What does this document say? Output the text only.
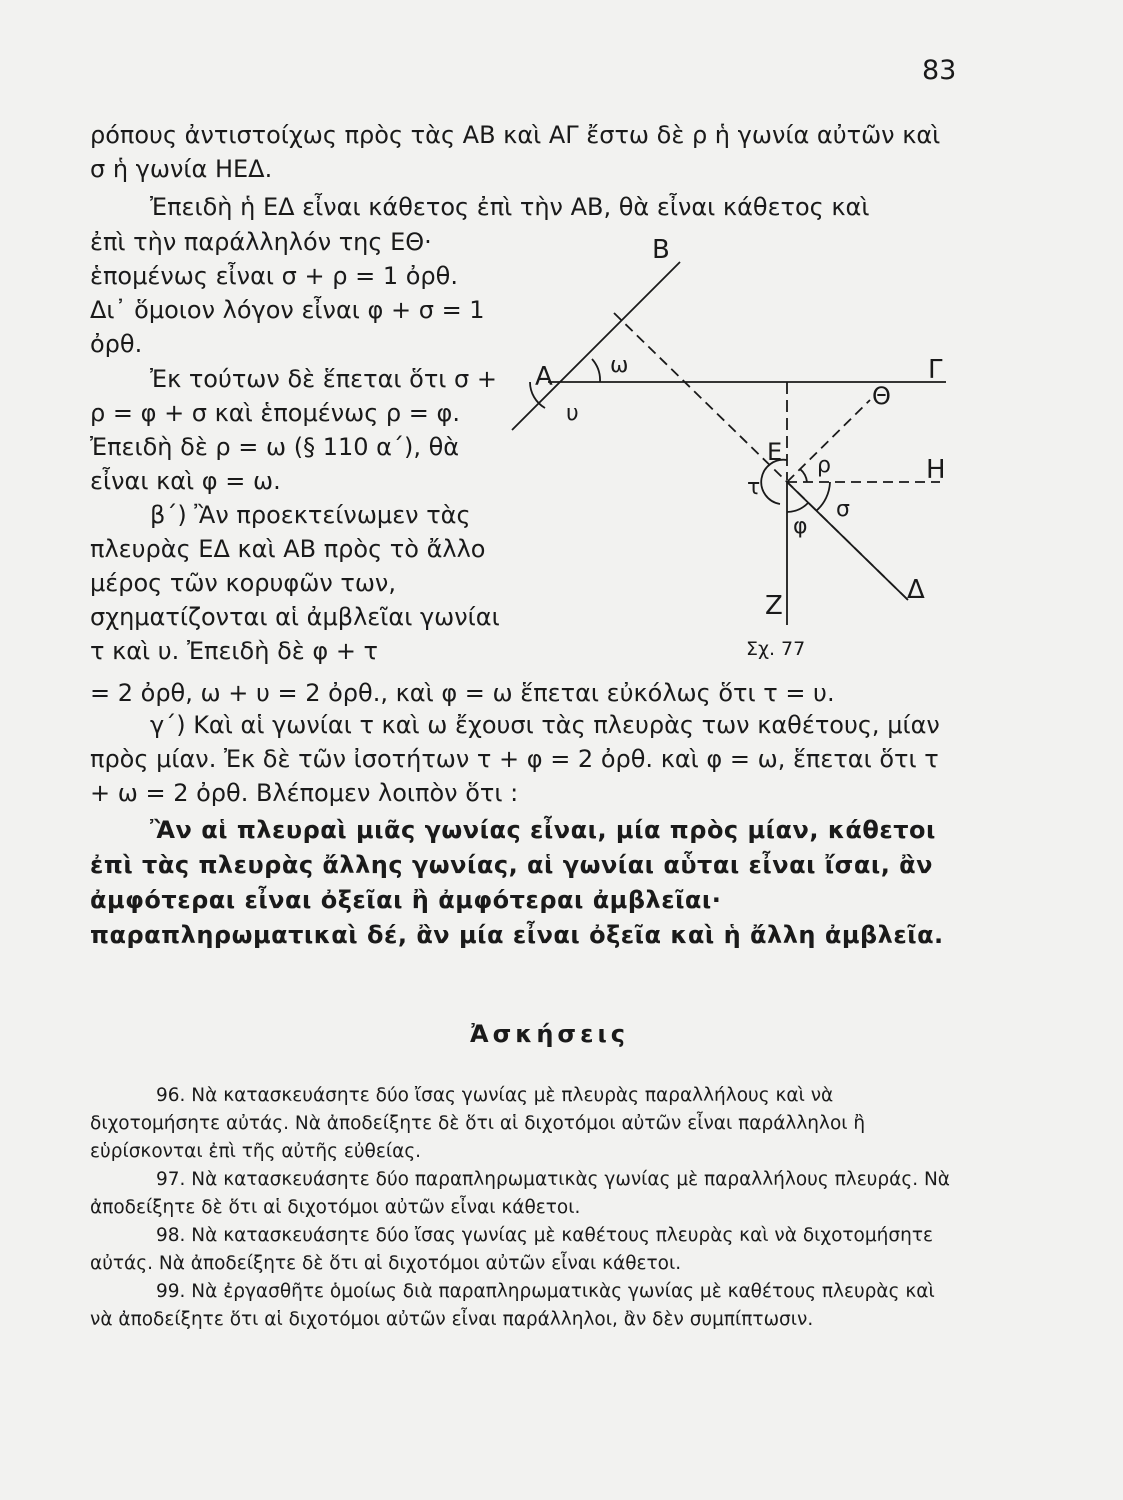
83

ρόπους ἀντιστοίχως πρὸς τὰς ΑΒ καὶ ΑΓ ἔστω δὲ ρ ἡ γωνία αὐτῶν καὶ σ ἡ γωνία ΗΕΔ.

Ἐπειδὴ ἡ ΕΔ εἶναι κάθετος ἐπὶ τὴν ΑΒ, θὰ εἶναι κάθετος καὶ

ἐπὶ τὴν παράλληλόν της ΕΘ· ἑπομένως εἶναι σ + ρ = 1 ὀρθ. Δι᾽ ὅμοιον λόγον εἶναι φ + σ = 1 ὀρθ.

Ἐκ τούτων δὲ ἕπεται ὅτι σ + ρ = φ + σ καὶ ἑπομένως ρ = φ. Ἐπειδὴ δὲ ρ = ω (§ 110 α΄), θὰ εἶναι καὶ φ = ω.

β΄) Ἂν προεκτείνωμεν τὰς πλευρὰς ΕΔ καὶ ΑΒ πρὸς τὸ ἄλλο μέρος τῶν κορυφῶν των, σχηματίζονται αἱ ἀμβλεῖαι γωνίαι τ καὶ υ. Ἐπειδὴ δὲ φ + τ

= 2 ὀρθ, ω + υ = 2 ὀρθ., καὶ φ = ω ἕπεται εὐκόλως ὅτι τ = υ.

γ΄) Καὶ αἱ γωνίαι τ καὶ ω ἔχουσι τὰς πλευρὰς των καθέτους, μίαν πρὸς μίαν. Ἐκ δὲ τῶν ἰσοτήτων τ + φ = 2 ὀρθ. καὶ φ = ω, ἕπεται ὅτι τ + ω = 2 ὀρθ. Βλέπομεν λοιπὸν ὅτι :

Ἂν αἱ πλευραὶ μιᾶς γωνίας εἶναι, μία πρὸς μίαν, κάθετοι ἐπὶ τὰς πλευρὰς ἄλλης γωνίας, αἱ γωνίαι αὗται εἶναι ἴσαι, ἂν ἀμφότεραι εἶναι ὀξεῖαι ἢ ἀμφότεραι ἀμβλεῖαι· παραπληρωματικαὶ δέ, ἂν μία εἶναι ὀξεῖα καὶ ἡ ἄλλη ἀμβλεῖα.

Ἀσκήσεις

96. Νὰ κατασκευάσητε δύο ἴσας γωνίας μὲ πλευρὰς παραλλήλους καὶ νὰ διχοτομήσητε αὐτάς. Νὰ ἀποδείξητε δὲ ὅτι αἱ διχοτόμοι αὐτῶν εἶναι παράλληλοι ἢ εὑρίσκονται ἐπὶ τῆς αὐτῆς εὐθείας.

97. Νὰ κατασκευάσητε δύο παραπληρωματικὰς γωνίας μὲ παραλλήλους πλευράς. Νὰ ἀποδείξητε δὲ ὅτι αἱ διχοτόμοι αὐτῶν εἶναι κάθετοι.

98. Νὰ κατασκευάσητε δύο ἴσας γωνίας μὲ καθέτους πλευρὰς καὶ νὰ διχοτομήσητε αὐτάς. Νὰ ἀποδείξητε δὲ ὅτι αἱ διχοτόμοι αὐτῶν εἶναι κάθετοι.

99. Νὰ ἐργασθῆτε ὁμοίως διὰ παραπληρωματικὰς γωνίας μὲ καθέτους πλευρὰς καὶ νὰ ἀποδείξητε ὅτι αἱ διχοτόμοι αὐτῶν εἶναι παράλληλοι, ἂν δὲν συμπίπτωσιν.

Β
Α	Γ
Θ
Ε
Η
Δ
Ζ
ω
υ
ρ
σ
φ
τ
Σχ. 77
